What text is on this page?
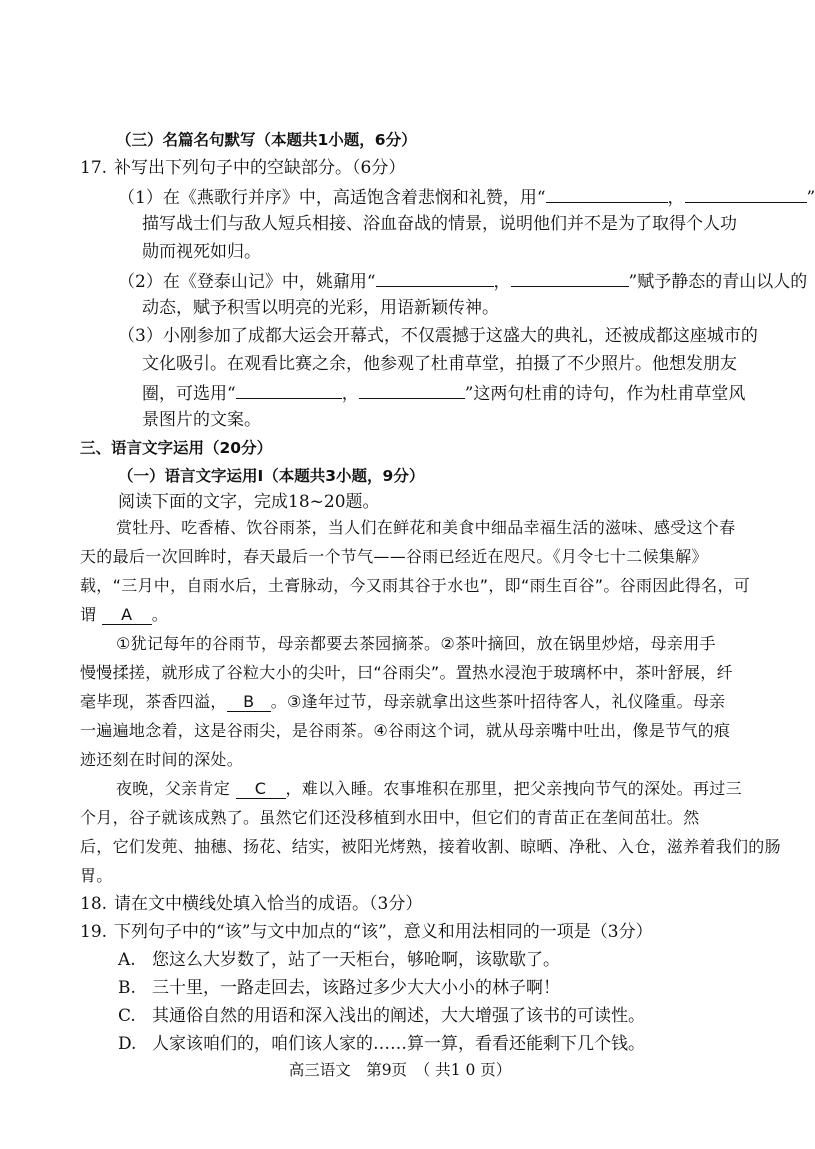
（三）名篇名句默写（本题共1小题，6分）
17. 补写出下列句子中的空缺部分。（6分）
（1）在《燕歌行并序》中，高适饱含着悲悯和礼赞，用“	，	”
描写战士们与敌人短兵相接、浴血奋战的情景，说明他们并不是为了取得个人功
勋而视死如归。
（2）在《登泰山记》中，姚鼐用“	，	”赋予静态的青山以人的
动态，赋予积雪以明亮的光彩，用语新颖传神。
（3）小刚参加了成都大运会开幕式，不仅震撼于这盛大的典礼，还被成都这座城市的
文化吸引。在观看比赛之余，他参观了杜甫草堂，拍摄了不少照片。他想发朋友
圈，可选用“	，	”这两句杜甫的诗句，作为杜甫草堂风
景图片的文案。
三、语言文字运用（20分）
（一）语言文字运用Ⅰ（本题共3小题，9分）
阅读下面的文字，完成18~20题。
赏牡丹、吃香椿、饮谷雨茶，当人们在鲜花和美食中细品幸福生活的滋味、感受这个春
天的最后一次回眸时，春天最后一个节气——谷雨已经近在咫尺。《月令七十二候集解》
载，“三月中，自雨水后，土膏脉动，今又雨其谷于水也”，即“雨生百谷”。谷雨因此得名，可
谓 A 。
①犹记每年的谷雨节，母亲都要去茶园摘茶。②茶叶摘回，放在锅里炒焙，母亲用手
慢慢揉搓，就形成了谷粒大小的尖叶，曰“谷雨尖”。置热水浸泡于玻璃杯中，茶叶舒展，纤
毫毕现，茶香四溢， B 。③逢年过节，母亲就拿出这些茶叶招待客人，礼仪隆重。母亲
一遍遍地念着，这是谷雨尖，是谷雨茶。④谷雨这个词，就从母亲嘴中吐出，像是节气的痕
迹还刻在时间的深处。
夜晚，父亲肯定 C ，难以入睡。农事堆积在那里，把父亲拽向节气的深处。再过三
个月，谷子就该成熟了。虽然它们还没移植到水田中，但它们的青苗正在垄间茁壮。然
后，它们发蔸、抽穗、扬花、结实，被阳光烤熟，接着收割、晾晒、净秕、入仓，滋养着我们的肠
胃。
18. 请在文中横线处填入恰当的成语。（3分）
19. 下列句子中的“该”与文中加点的“该”，意义和用法相同的一项是（3分）
A. 您这么大岁数了，站了一天柜台，够呛啊，该歇歇了。
B. 三十里，一路走回去，该路过多少大大小小的林子啊！
C. 其通俗自然的用语和深入浅出的阐述，大大增强了该书的可读性。
D. 人家该咱们的，咱们该人家的……算一算，看看还能剩下几个钱。
高三语文　第9页　（ 共1 0 页）
